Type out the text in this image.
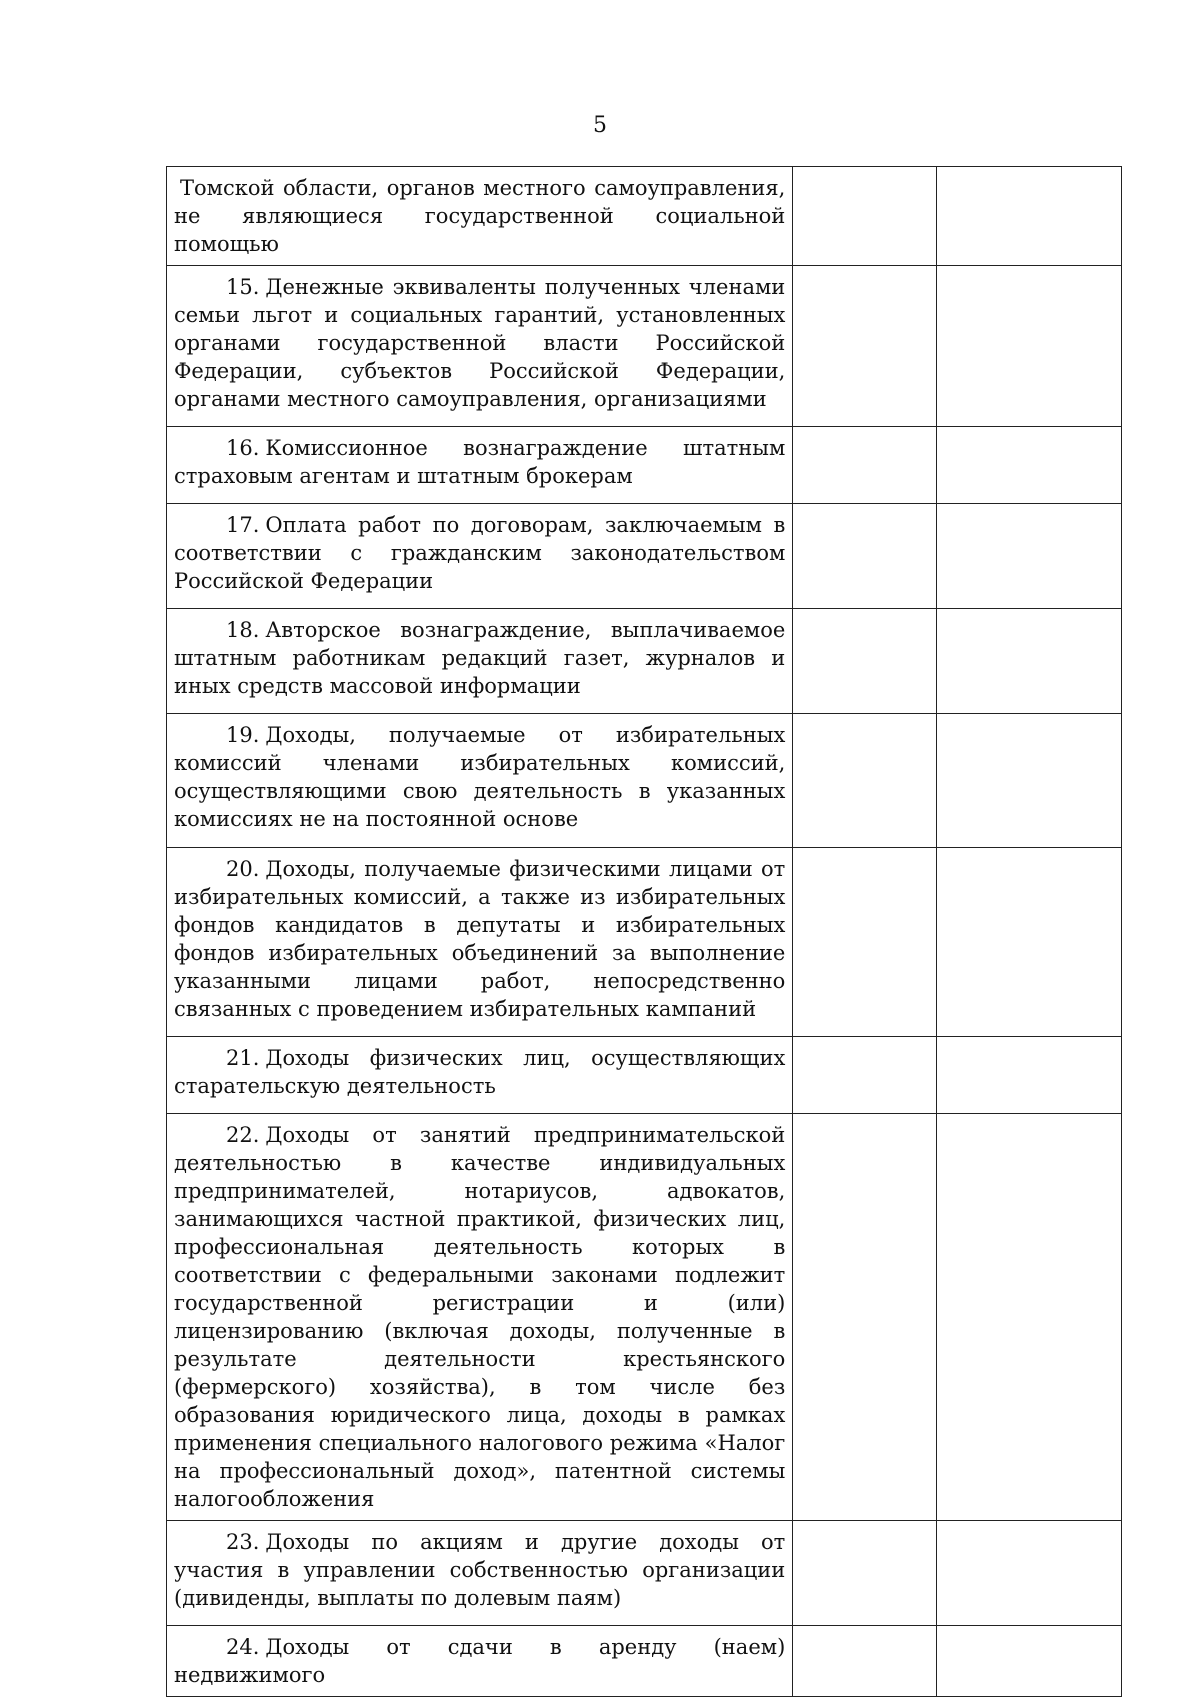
5
Томской области, органов местного самоуправления, не являющиеся государственной социальной помощью		

15. Денежные эквиваленты полученных членами семьи льгот и социальных гарантий, установленных органами государственной власти Российской Федерации, субъектов Российской Федерации, органами местного самоуправления, организациями		

16. Комиссионное вознаграждение штатным страховым агентам и штатным брокерам		

17. Оплата работ по договорам, заключаемым в соответствии с гражданским законодательством Российской Федерации		

18. Авторское вознаграждение, выплачиваемое штатным работникам редакций газет, журналов и иных средств массовой информации		

19. Доходы, получаемые от избирательных комиссий членами избирательных комиссий, осуществляющими свою деятельность в указанных комиссиях не на постоянной основе		

20. Доходы, получаемые физическими лицами от избирательных комиссий, а также из избирательных фондов кандидатов в депутаты и избирательных фондов избирательных объединений за выполнение указанными лицами работ, непосредственно связанных с проведением избирательных кампаний		

21. Доходы физических лиц, осуществляющих старательскую деятельность		

22. Доходы от занятий предпринимательской деятельностью в качестве индивидуальных предпринимателей, нотариусов, адвокатов, занимающихся частной практикой, физических лиц, профессиональная деятельность которых в соответствии с федеральными законами подлежит государственной регистрации и (или) лицензированию (включая доходы, полученные в результате деятельности крестьянского (фермерского) хозяйства), в том числе без образования юридического лица, доходы в рамках применения специального налогового режима «Налог на профессиональный доход», патентной системы налогообложения		

23. Доходы по акциям и другие доходы от участия в управлении собственностью организации (дивиденды, выплаты по долевым паям)		

24. Доходы от сдачи в аренду (наем) недвижимого		
